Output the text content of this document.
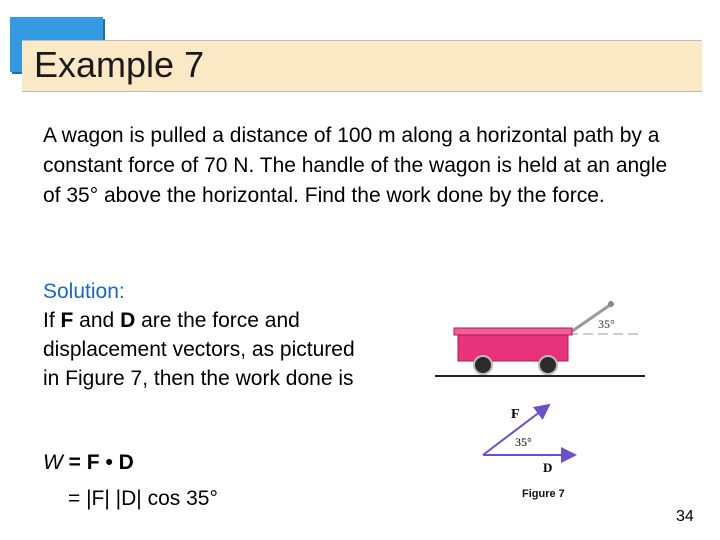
Example 7
A wagon is pulled a distance of 100 m along a horizontal path by a constant force of 70 N. The handle of the wagon is held at an angle of 35° above the horizontal. Find the work done by the force.
Solution:
If F and D are the force and displacement vectors, as pictured in Figure 7, then the work done is
W = F • D
= |F| |D| cos 35°
35°
F
35°
D
Figure 7
34
